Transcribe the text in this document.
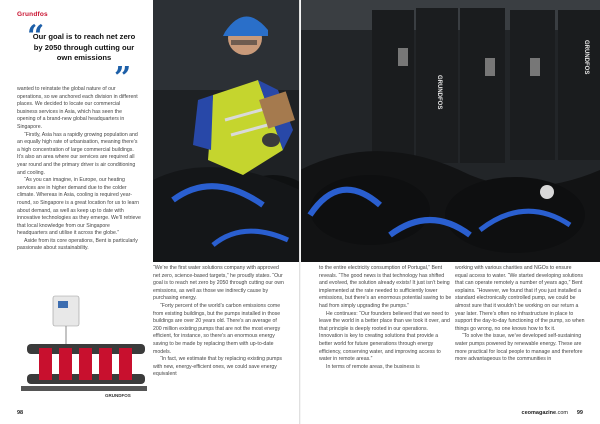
Grundfos
“
Our goal is to reach net zero by 2050 through cutting our own emissions
”

wanted to reinstate the global nature of our operations, so we anchored each division in different places. We decided to locate our commercial business services in Asia, which has seen the opening of a brand-new global headquarters in Singapore.

“Firstly, Asia has a rapidly growing population and an equally high rate of urbanisation, meaning there’s a high concentration of large commercial buildings. It’s also an area where our services are required all year round and the primary driver is air conditioning and cooling.

“As you can imagine, in Europe, our heating services are in higher demand due to the colder climate. Whereas in Asia, cooling is required year-round, so Singapore is a great location for us to learn about demand, as well as keep up to date with innovative technologies as they emerge. We’ll retrieve that local knowledge from our Singapore headquarters and utilise it across the globe.”

Aside from its core operations, Bent is particularly passionate about sustainability.

GRUNDFOS
GRUNDFOS

“We’re the first water solutions company with approved net zero, science-based targets,” he proudly states. “Our goal is to reach net zero by 2050 through cutting our own emissions, as well as those we indirectly cause by purchasing energy.

“Forty percent of the world’s carbon emissions come from existing buildings, but the pumps installed in those buildings are over 20 years old. There’s an average of 200 million existing pumps that are not the most energy efficient, for instance, so there’s an enormous energy saving to be made by replacing them with up-to-date models.

“In fact, we estimate that by replacing existing pumps with new, energy-efficient ones, we could save energy equivalent

to the entire electricity consumption of Portugal,” Bent reveals. “The good news is that technology has shifted and evolved, the solution already exists! It just isn’t being implemented at the rate needed to sufficiently lower emissions, but there’s an enormous potential saving to be had from simply upgrading the pumps.”

He continues: “Our founders believed that we need to leave the world in a better place than we took it over, and that principle is deeply rooted in our operations. Innovation is key to creating solutions that provide a better world for future generations through energy efficiency, conserving water, and improving access to water in remote areas.”

In terms of remote areas, the business is

working with various charities and NGOs to ensure equal access to water. “We started developing solutions that can operate remotely a number of years ago,” Bent explains. “However, we found that if you just installed a standard electronically controlled pump, we could be almost sure that it wouldn’t be working on our return a year later. There’s often no infrastructure in place to support the day-to-day functioning of the pump, so when things go wrong, no one knows how to fix it.

“To solve the issue, we’ve developed self-sustaining water pumps powered by renewable energy. These are more practical for local people to manage and therefore more advantageous to the communities in

GRUNDFOS
98	ceomagazine.com 99
